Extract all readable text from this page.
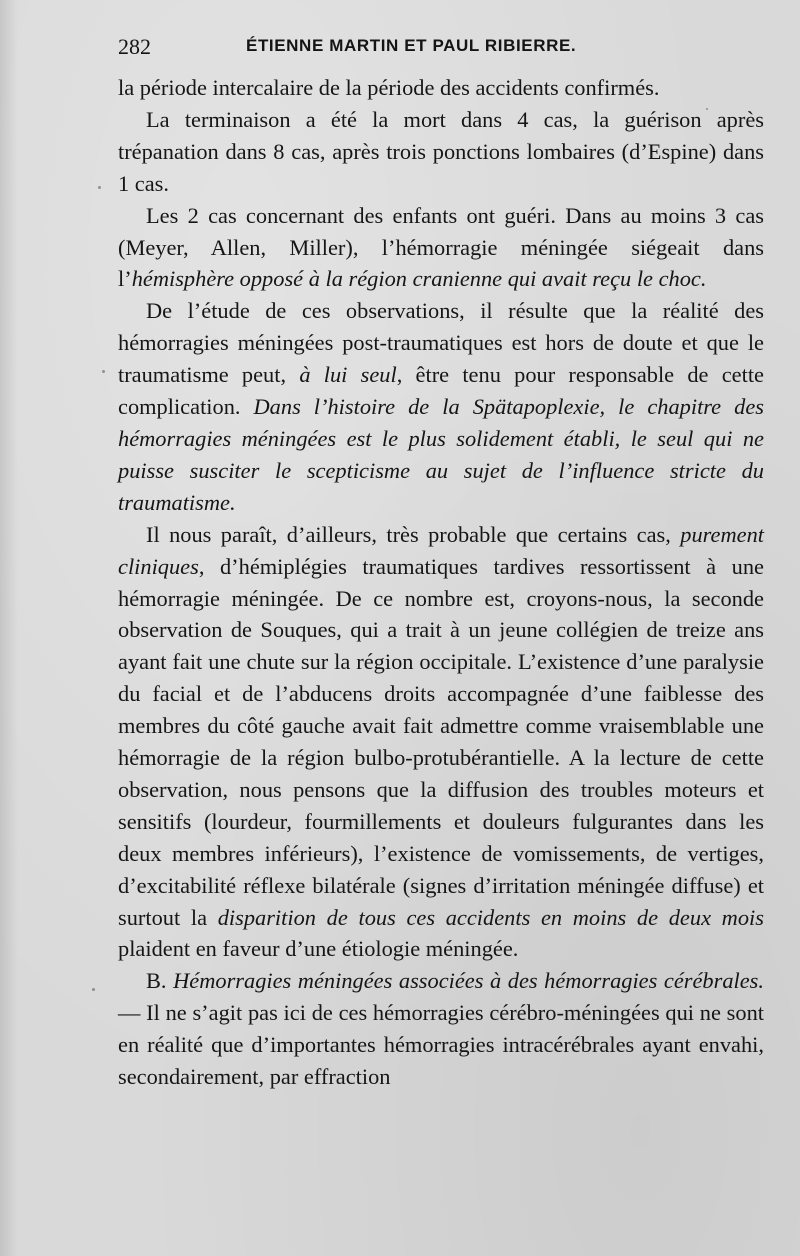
282	ÉTIENNE MARTIN ET PAUL RIBIERRE.

la période intercalaire de la période des accidents confirmés.

La terminaison a été la mort dans 4 cas, la guérison après trépanation dans 8 cas, après trois ponctions lombaires (d’Espine) dans 1 cas.

Les 2 cas concernant des enfants ont guéri. Dans au moins 3 cas (Meyer, Allen, Miller), l’hémorragie méningée siégeait dans l’hémisphère opposé à la région cranienne qui avait reçu le choc.

De l’étude de ces observations, il résulte que la réalité des hémorragies méningées post-traumatiques est hors de doute et que le traumatisme peut, à lui seul, être tenu pour responsable de cette complication. Dans l’histoire de la Spätapoplexie, le chapitre des hémorragies méningées est le plus solidement établi, le seul qui ne puisse susciter le scepticisme au sujet de l’influence stricte du traumatisme.

Il nous paraît, d’ailleurs, très probable que certains cas, purement cliniques, d’hémiplégies traumatiques tardives ressortissent à une hémorragie méningée. De ce nombre est, croyons-nous, la seconde observation de Souques, qui a trait à un jeune collégien de treize ans ayant fait une chute sur la région occipitale. L’existence d’une paralysie du facial et de l’abducens droits accompagnée d’une faiblesse des membres du côté gauche avait fait admettre comme vraisemblable une hémorragie de la région bulbo-protubérantielle. A la lecture de cette observation, nous pensons que la diffusion des troubles moteurs et sensitifs (lourdeur, fourmillements et douleurs fulgurantes dans les deux membres inférieurs), l’existence de vomissements, de vertiges, d’excitabilité réflexe bilatérale (signes d’irritation méningée diffuse) et surtout la disparition de tous ces accidents en moins de deux mois plaident en faveur d’une étiologie méningée.

B. Hémorragies méningées associées à des hémorragies cérébrales. — Il ne s’agit pas ici de ces hémorragies cérébro-méningées qui ne sont en réalité que d’importantes hémorragies intracérébrales ayant envahi, secondairement, par effraction
